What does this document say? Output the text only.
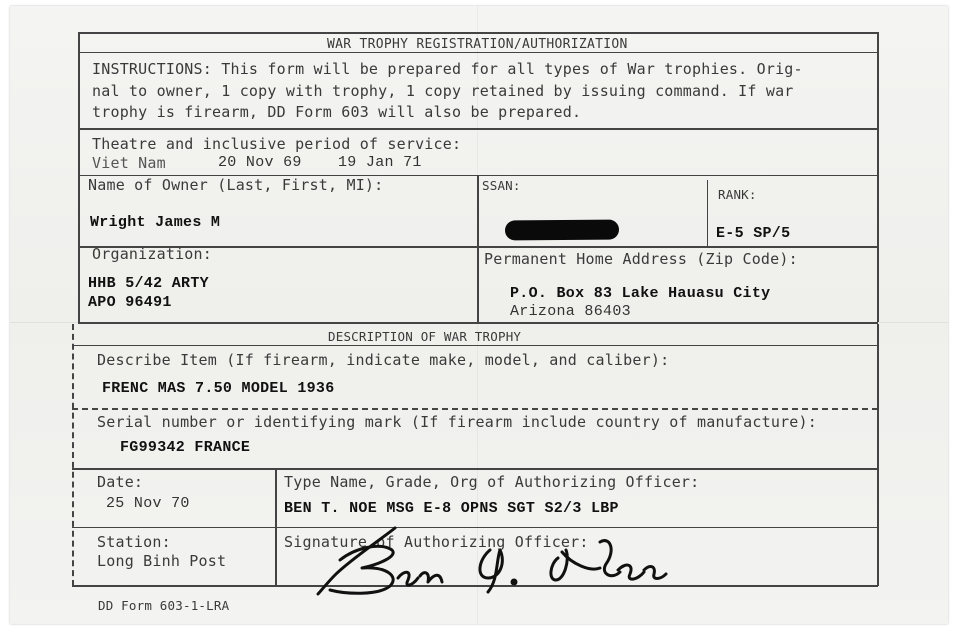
WAR TROPHY REGISTRATION/AUTHORIZATION
INSTRUCTIONS: This form will be prepared for all types of War trophies. Orig-
nal to owner, 1 copy with trophy, 1 copy retained by issuing command. If war
trophy is firearm, DD Form 603 will also be prepared.
Theatre and inclusive period of service:
Viet Nam	20 Nov 69 19 Jan 71
Name of Owner (Last, First, MI):
Wright James M
SSAN:
RANK:
E-5 SP/5
Organization:
HHB 5/42 ARTY
APO 96491
Permanent Home Address (Zip Code):
P.O. Box 83 Lake Hauasu City
Arizona 86403
DESCRIPTION OF WAR TROPHY
Describe Item (If firearm, indicate make, model, and caliber):
FRENC MAS 7.50 MODEL 1936
Serial number or identifying mark (If firearm include country of manufacture):
FG99342 FRANCE
Date:
25 Nov 70
Type Name, Grade, Org of Authorizing Officer:
BEN T. NOE MSG E-8 OPNS SGT S2/3 LBP
Station:
Long Binh Post
Signature of Authorizing Officer:
DD Form 603-1-LRA
